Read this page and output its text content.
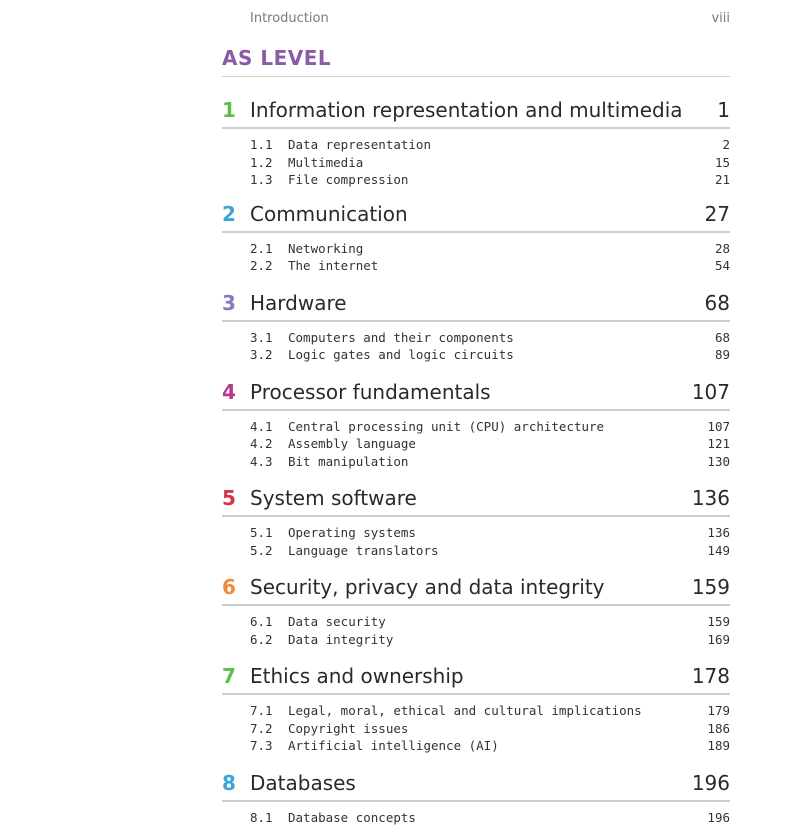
Introduction	viii
AS LEVEL
1 Information representation and multimedia	1
1.1	Data representation	2
1.2	Multimedia	15
1.3	File compression	21
2 Communication	27
2.1	Networking	28
2.2	The internet	54
3 Hardware	68
3.1	Computers and their components	68
3.2	Logic gates and logic circuits	89
4 Processor fundamentals	107
4.1	Central processing unit (CPU) architecture	107
4.2	Assembly language	121
4.3	Bit manipulation	130
5 System software	136
5.1	Operating systems	136
5.2	Language translators	149
6 Security, privacy and data integrity	159
6.1	Data security	159
6.2	Data integrity	169
7 Ethics and ownership	178
7.1	Legal, moral, ethical and cultural implications	179
7.2	Copyright issues	186
7.3	Artificial intelligence (AI)	189
8 Databases	196
8.1	Database concepts	196
